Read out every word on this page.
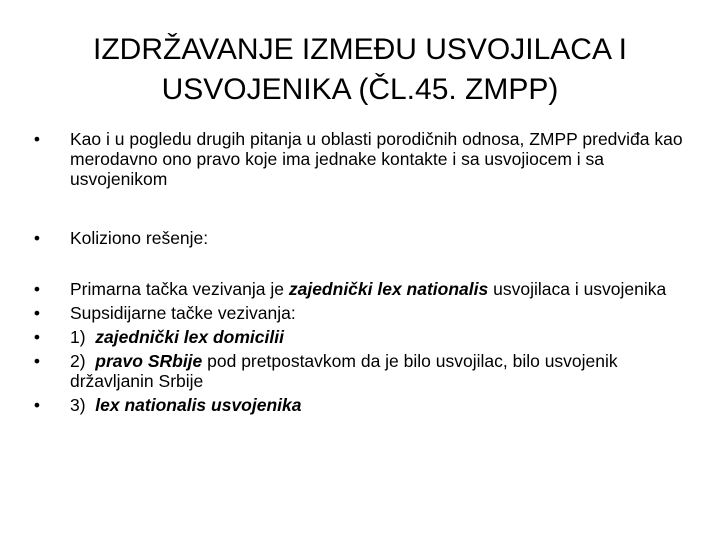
IZDRŽAVANJE IZMEĐU USVOJILACA I
USVOJENIKA (ČL.45. ZMPP)
• Kao i u pogledu drugih pitanja u oblasti porodičnih odnosa, ZMPP predviđa kao merodavno ono pravo koje ima jednake kontakte i sa usvojiocem i sa usvojenikom
• Koliziono rešenje:
• Primarna tačka vezivanja je zajednički lex nationalis usvojilaca i usvojenika
• Supsidijarne tačke vezivanja:
• 1) zajednički lex domicilii
• 2) pravo SRbije pod pretpostavkom da je bilo usvojilac, bilo usvojenik državljanin Srbije
• 3) lex nationalis usvojenika
